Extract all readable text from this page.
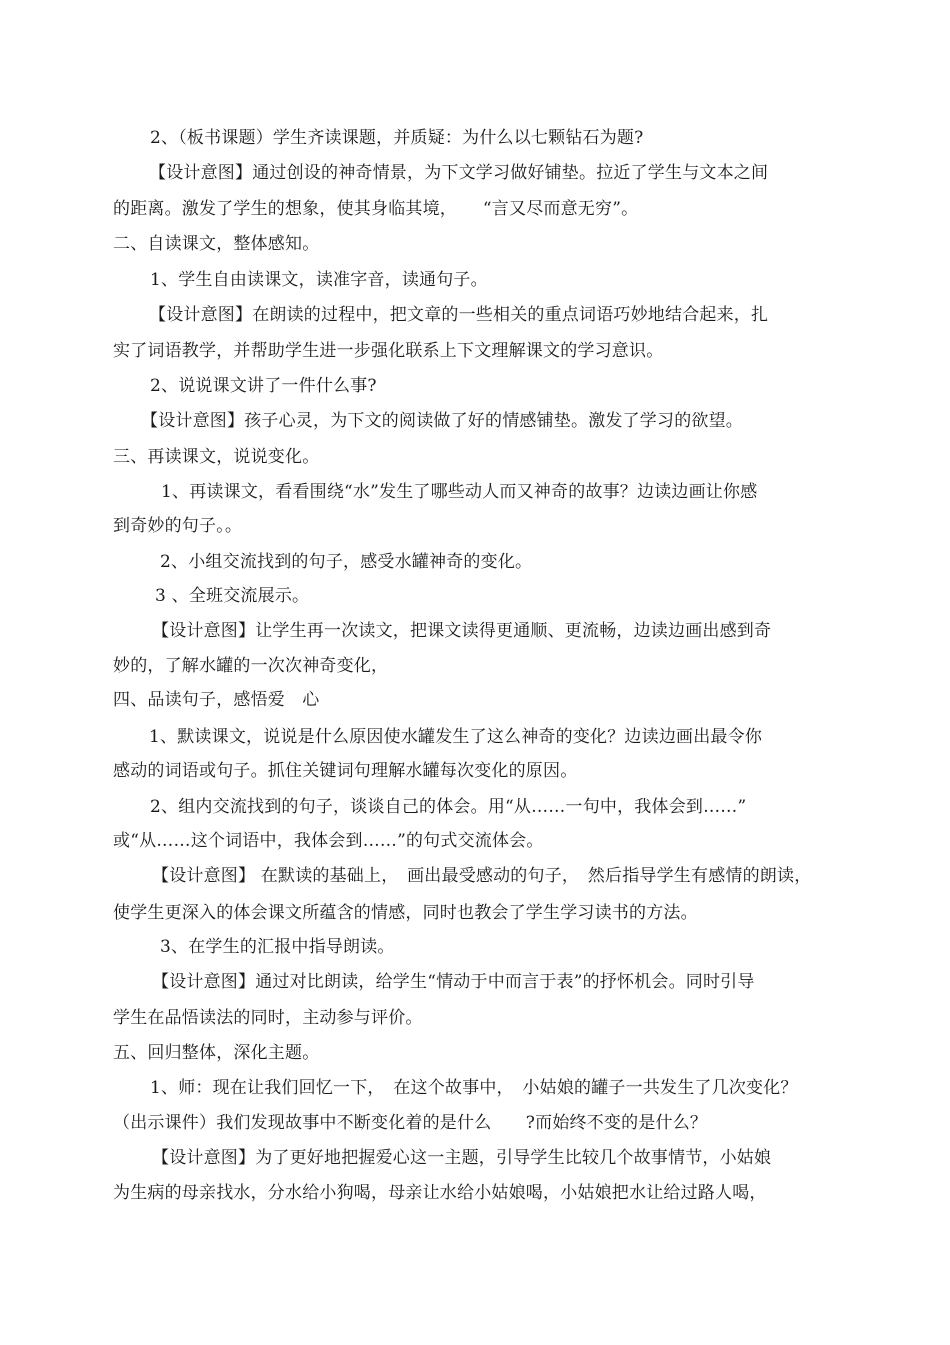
2、（板书课题）学生齐读课题，并质疑：为什么以七颗钻石为题?
【设计意图】通过创设的神奇情景，为下文学习做好铺垫。拉近了学生与文本之间
的距离。激发了学生的想象，使其身临其境，　　“言又尽而意无穷”。
二、自读课文，整体感知。
1、学生自由读课文，读准字音，读通句子。
【设计意图】在朗读的过程中，把文章的一些相关的重点词语巧妙地结合起来，扎
实了词语教学，并帮助学生进一步强化联系上下文理解课文的学习意识。
2、说说课文讲了一件什么事?
【设计意图】孩子心灵，为下文的阅读做了好的情感铺垫。激发了学习的欲望。
三、再读课文，说说变化。
1、再读课文，看看围绕“水”发生了哪些动人而又神奇的故事？边读边画让你感
到奇妙的句子。。
2、小组交流找到的句子，感受水罐神奇的变化。
3 、全班交流展示。
【设计意图】让学生再一次读文，把课文读得更通顺、更流畅，边读边画出感到奇
妙的，了解水罐的一次次神奇变化，
四、品读句子，感悟爱　心
1、默读课文，说说是什么原因使水罐发生了这么神奇的变化？边读边画出最令你
感动的词语或句子。抓住关键词句理解水罐每次变化的原因。
2、组内交流找到的句子，谈谈自己的体会。用“从……一句中，我体会到……”
或“从……这个词语中，我体会到……”的句式交流体会。
【设计意图】 在默读的基础上，　画出最受感动的句子，　然后指导学生有感情的朗读，
使学生更深入的体会课文所蕴含的情感，同时也教会了学生学习读书的方法。
3、在学生的汇报中指导朗读。
【设计意图】通过对比朗读，给学生“情动于中而言于表”的抒怀机会。同时引导
学生在品悟读法的同时，主动参与评价。
五、回归整体，深化主题。
1、师：现在让我们回忆一下，　在这个故事中，　小姑娘的罐子一共发生了几次变化？
（出示课件）我们发现故事中不断变化着的是什么　　?而始终不变的是什么？
【设计意图】为了更好地把握爱心这一主题，引导学生比较几个故事情节，小姑娘
为生病的母亲找水，分水给小狗喝，母亲让水给小姑娘喝，小姑娘把水让给过路人喝，
